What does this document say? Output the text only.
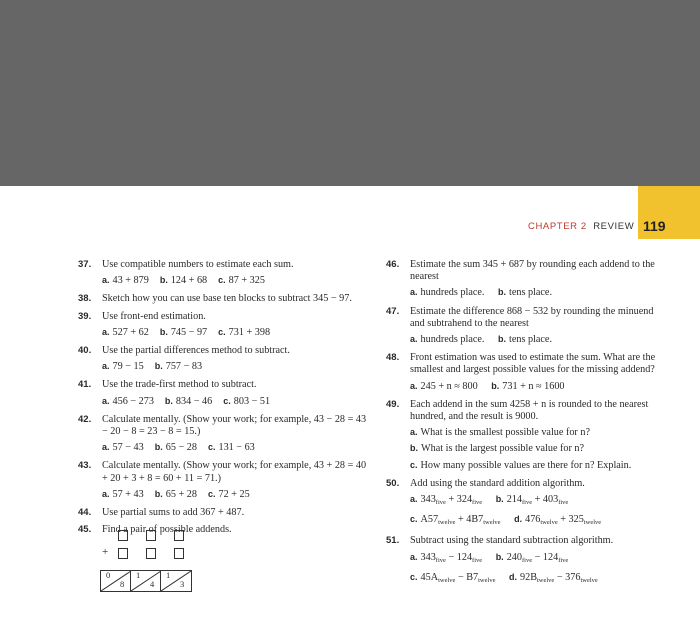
119
CHAPTER 2 REVIEW
37. Use compatible numbers to estimate each sum.
a. 43 + 879 b. 124 + 68 c. 87 + 325
38. Sketch how you can use base ten blocks to subtract 345 − 97.
39. Use front-end estimation.
a. 527 + 62 b. 745 − 97 c. 731 + 398
40. Use the partial differences method to subtract.
a. 79 − 15 b. 757 − 83
41. Use the trade-first method to subtract.
a. 456 − 273 b. 834 − 46 c. 803 − 51
42. Calculate mentally. (Show your work; for example, 43 − 28 = 43 − 20 − 8 = 23 − 8 = 15.)
a. 57 − 43 b. 65 − 28 c. 131 − 63
43. Calculate mentally. (Show your work; for example, 43 + 28 = 40 + 20 + 3 + 8 = 60 + 11 = 71.)
a. 57 + 43 b. 65 + 28 c. 72 + 25
44. Use partial sums to add 367 + 487.
45. Find a pair of possible addends.
+
0
8
1
4
1
3
46. Estimate the sum 345 + 687 by rounding each addend to the nearest
a. hundreds place. b. tens place.
47. Estimate the difference 868 − 532 by rounding the minuend and subtrahend to the nearest
a. hundreds place. b. tens place.
48. Front estimation was used to estimate the sum. What are the smallest and largest possible values for the missing addend?
a. 245 + n ≈ 800 b. 731 + n ≈ 1600
49. Each addend in the sum 4258 + n is rounded to the nearest hundred, and the result is 9000.
a. What is the smallest possible value for n?
b. What is the largest possible value for n?
c. How many possible values are there for n? Explain.
50. Add using the standard addition algorithm.
a. $343_{five} + 324_{five}$ b. $214_{five} + 403_{five}$
c. $A57_{twelve} + 4B7_{twelve}$ d. $476_{twelve} + 325_{twelve}$
51. Subtract using the standard subtraction algorithm.
a. $343_{five} - 124_{five}$ b. $240_{five} - 124_{five}$
c. $45A_{twelve} - B7_{twelve}$ d. $92B_{twelve} - 376_{twelve}$
